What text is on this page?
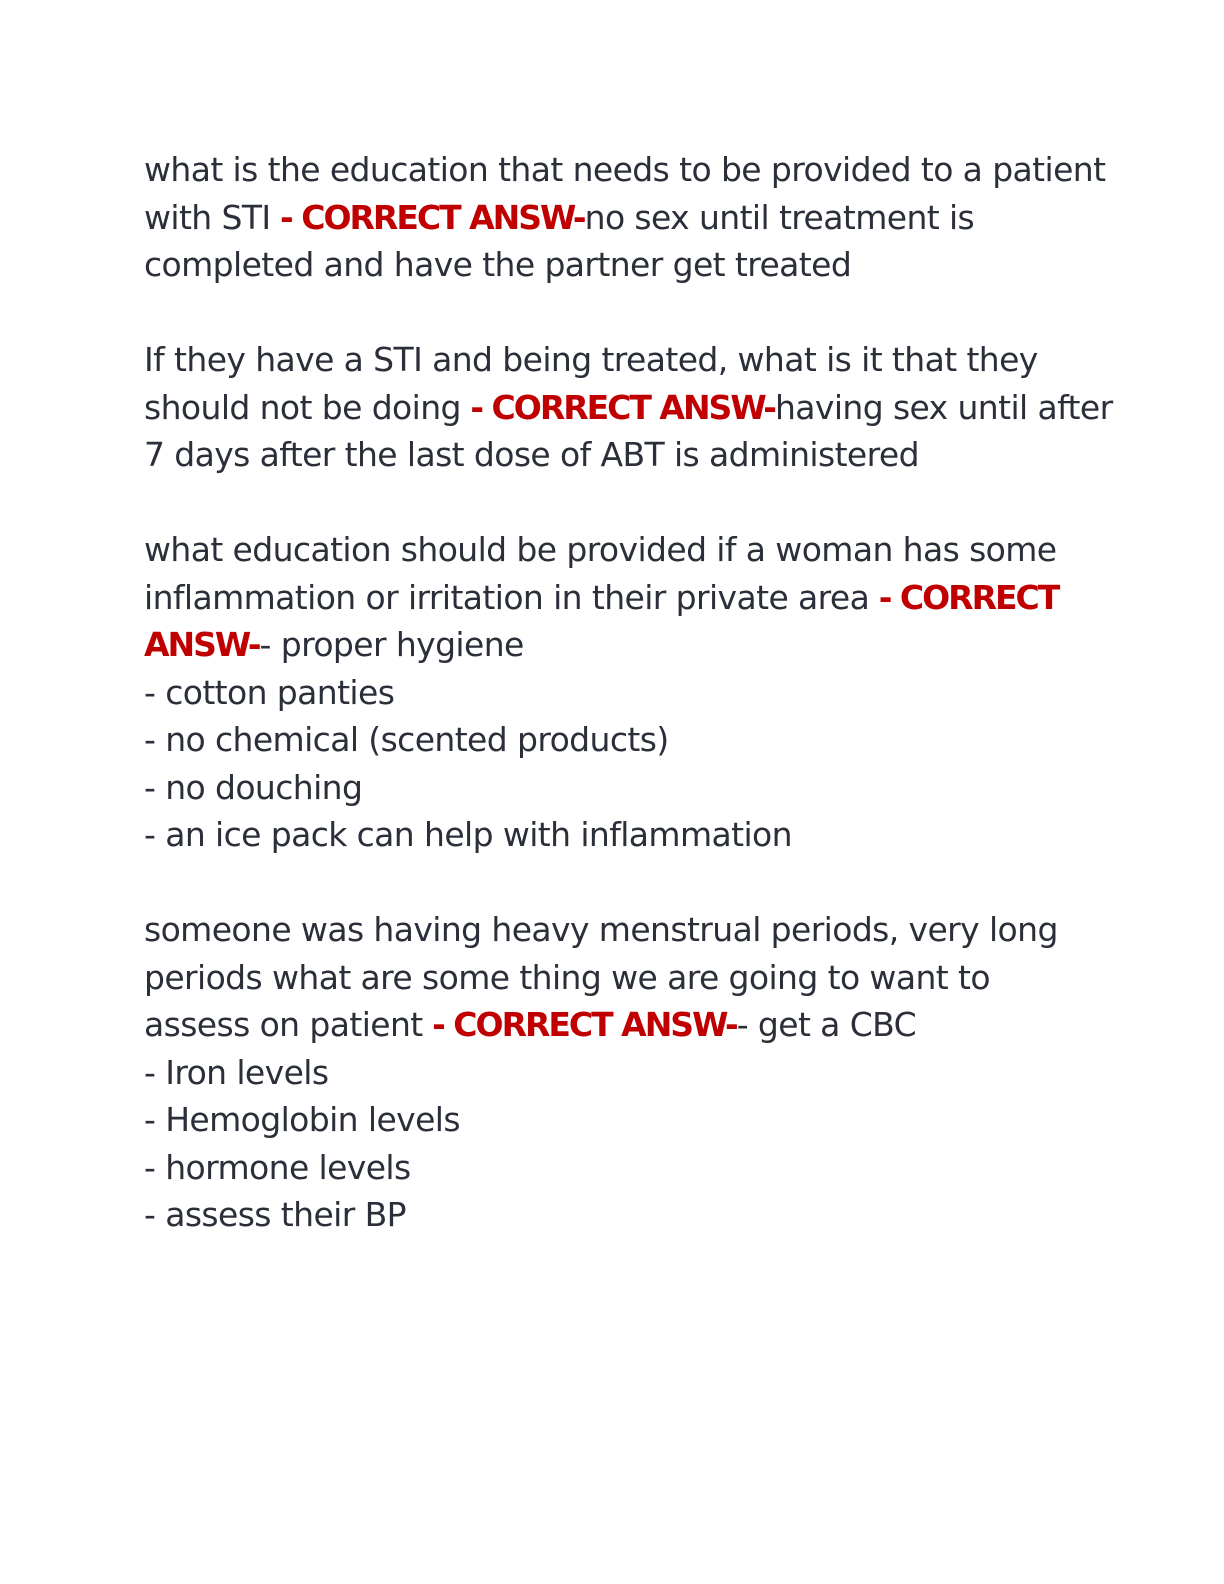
what is the education that needs to be provided to a patient
with STI - CORRECT ANSW-no sex until treatment is
completed and have the partner get treated
If they have a STI and being treated, what is it that they
should not be doing - CORRECT ANSW-having sex until after
7 days after the last dose of ABT is administered
what education should be provided if a woman has some
inflammation or irritation in their private area - CORRECT
ANSW-- proper hygiene
- cotton panties
- no chemical (scented products)
- no douching
- an ice pack can help with inflammation
someone was having heavy menstrual periods, very long
periods what are some thing we are going to want to
assess on patient - CORRECT ANSW-- get a CBC
- Iron levels
- Hemoglobin levels
- hormone levels
- assess their BP
